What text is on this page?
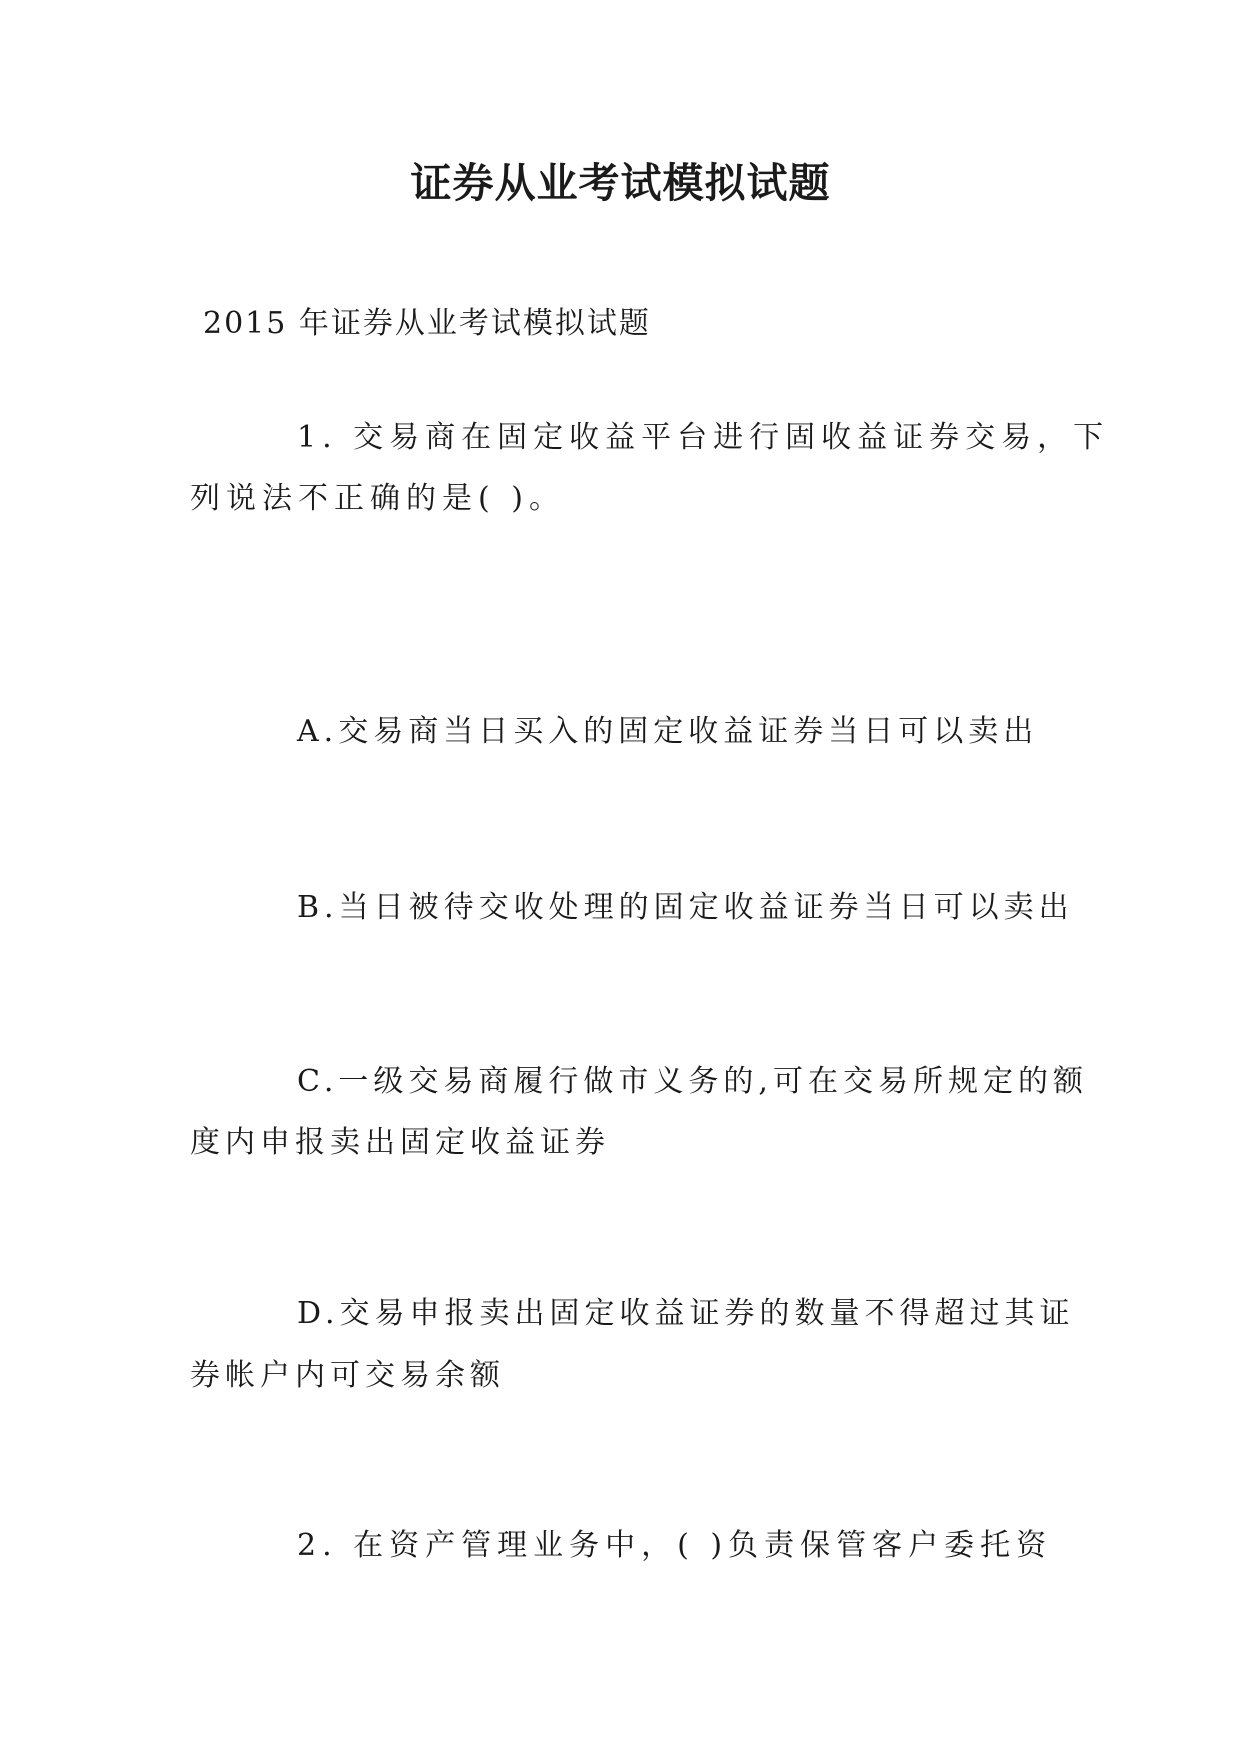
证券从业考试模拟试题
2015 年证券从业考试模拟试题
1. 交易商在固定收益平台进行固收益证券交易，下
列说法不正确的是( )。
A.交易商当日买入的固定收益证券当日可以卖出
B.当日被待交收处理的固定收益证券当日可以卖出
C.一级交易商履行做市义务的,可在交易所规定的额
度内申报卖出固定收益证券
D.交易申报卖出固定收益证券的数量不得超过其证
券帐户内可交易余额
2. 在资产管理业务中，( )负责保管客户委托资
